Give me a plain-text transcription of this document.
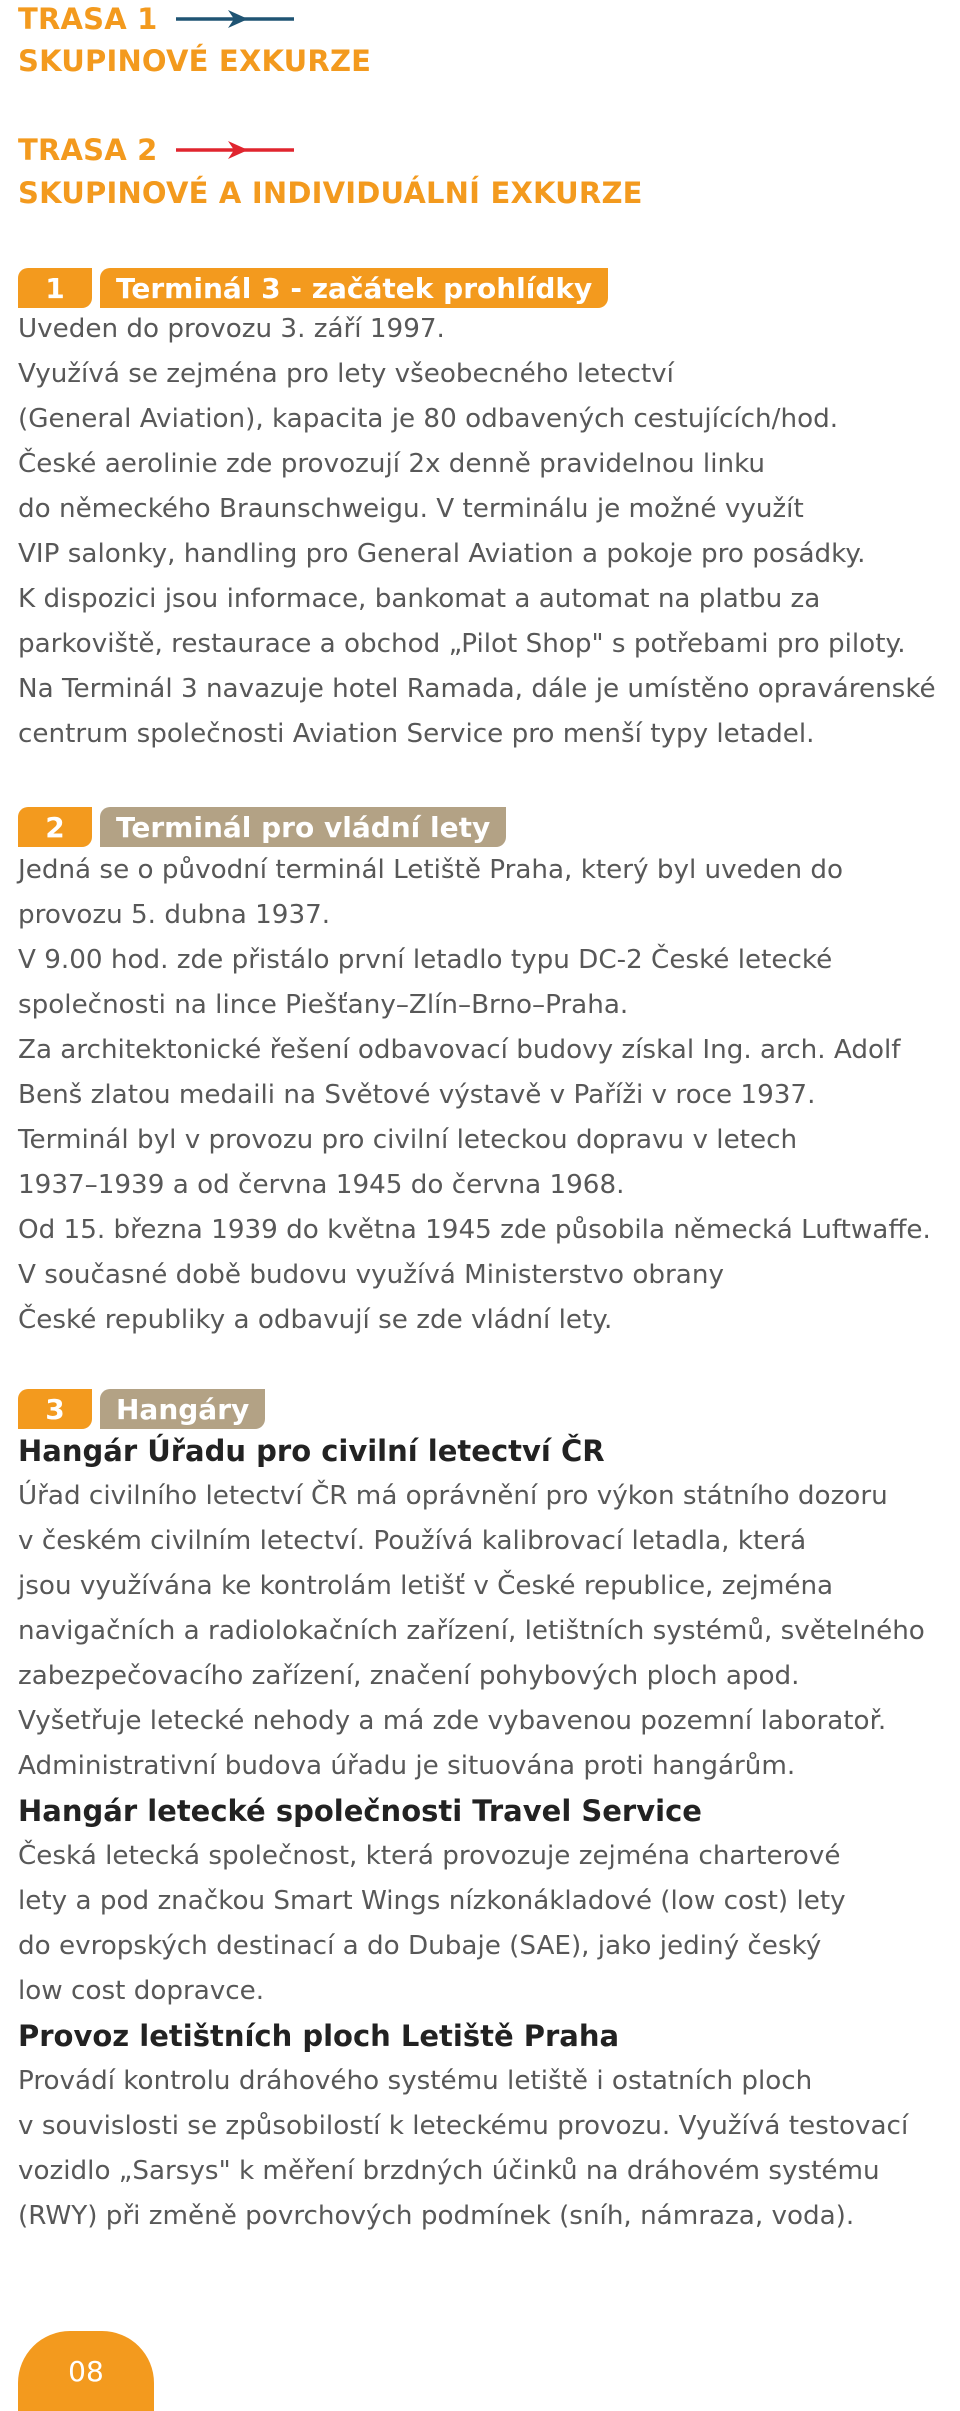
TRASA 1
SKUPINOVÉ EXKURZE
TRASA 2
SKUPINOVÉ A INDIVIDUÁLNÍ EXKURZE
1	Terminál 3 - začátek prohlídky
Uveden do provozu 3. září 1997.
Využívá se zejména pro lety všeobecného letectví
(General Aviation), kapacita je 80 odbavených cestujících/hod.
České aerolinie zde provozují 2x denně pravidelnou linku
do německého Braunschweigu. V terminálu je možné využít
VIP salonky, handling pro General Aviation a pokoje pro posádky.
K dispozici jsou informace, bankomat a automat na platbu za
parkoviště, restaurace a obchod „Pilot Shop" s potřebami pro piloty.
Na Terminál 3 navazuje hotel Ramada, dále je umístěno opravárenské
centrum společnosti Aviation Service pro menší typy letadel.
2	Terminál pro vládní lety
Jedná se o původní terminál Letiště Praha, který byl uveden do
provozu 5. dubna 1937.
V 9.00 hod. zde přistálo první letadlo typu DC-2 České letecké
společnosti na lince Piešťany–Zlín–Brno–Praha.
Za architektonické řešení odbavovací budovy získal Ing. arch. Adolf
Benš zlatou medaili na Světové výstavě v Paříži v roce 1937.
Terminál byl v provozu pro civilní leteckou dopravu v letech
1937–1939 a od června 1945 do června 1968.
Od 15. března 1939 do května 1945 zde působila německá Luftwaffe.
V současné době budovu využívá Ministerstvo obrany
České republiky a odbavují se zde vládní lety.
3	Hangáry
Hangár Úřadu pro civilní letectví ČR
Úřad civilního letectví ČR má oprávnění pro výkon státního dozoru
v českém civilním letectví. Používá kalibrovací letadla, která
jsou využívána ke kontrolám letišť v České republice, zejména
navigačních a radiolokačních zařízení, letištních systémů, světelného
zabezpečovacího zařízení, značení pohybových ploch apod.
Vyšetřuje letecké nehody a má zde vybavenou pozemní laboratoř.
Administrativní budova úřadu je situována proti hangárům.
Hangár letecké společnosti Travel Service
Česká letecká společnost, která provozuje zejména charterové
lety a pod značkou Smart Wings nízkonákladové (low cost) lety
do evropských destinací a do Dubaje (SAE), jako jediný český
low cost dopravce.
Provoz letištních ploch Letiště Praha
Provádí kontrolu dráhového systému letiště i ostatních ploch
v souvislosti se způsobilostí k leteckému provozu. Využívá testovací
vozidlo „Sarsys" k měření brzdných účinků na dráhovém systému
(RWY) při změně povrchových podmínek (sníh, námraza, voda).
08
